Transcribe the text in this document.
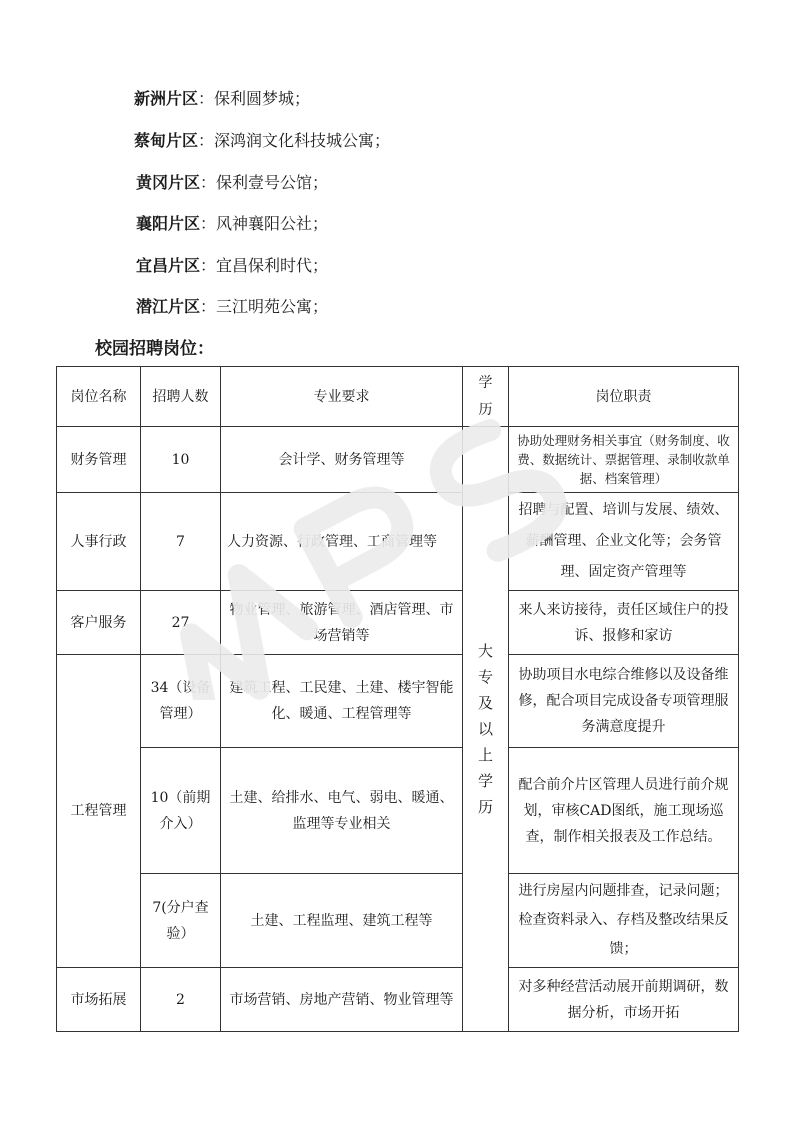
新洲片区：保利圆梦城；
蔡甸片区：深鸿润文化科技城公寓；
黄冈片区：保利壹号公馆；
襄阳片区：风神襄阳公社；
宜昌片区：宜昌保利时代；
潜江片区：三江明苑公寓；
校园招聘岗位：
岗位名称	招聘人数	专业要求	学历	岗位职责
财务管理	10	会计学、财务管理等	大专及以上学历	协助处理财务相关事宜（财务制度、收费、数据统计、票据管理、录制收款单据、档案管理）
人事行政	7	人力资源、行政管理、工商管理等		招聘与配置、培训与发展、绩效、薪酬管理、企业文化等；会务管理、固定资产管理等
客户服务	27	物业管理、旅游管理、酒店管理、市场营销等		来人来访接待，责任区域住户的投诉、报修和家访
工程管理	34（设备管理）	建筑工程、工民建、土建、楼宇智能化、暖通、工程管理等		协助项目水电综合维修以及设备维修，配合项目完成设备专项管理服务满意度提升
	10（前期介入）	土建、给排水、电气、弱电、暖通、监理等专业相关		配合前介片区管理人员进行前介规划，审核CAD图纸，施工现场巡查，制作相关报表及工作总结。
	7(分户查验）	土建、工程监理、建筑工程等		进行房屋内问题排查，记录问题；检查资料录入、存档及整改结果反馈；
市场拓展	2	市场营销、房地产营销、物业管理等		对多种经营活动展开前期调研，数据分析，市场开拓
WPS
